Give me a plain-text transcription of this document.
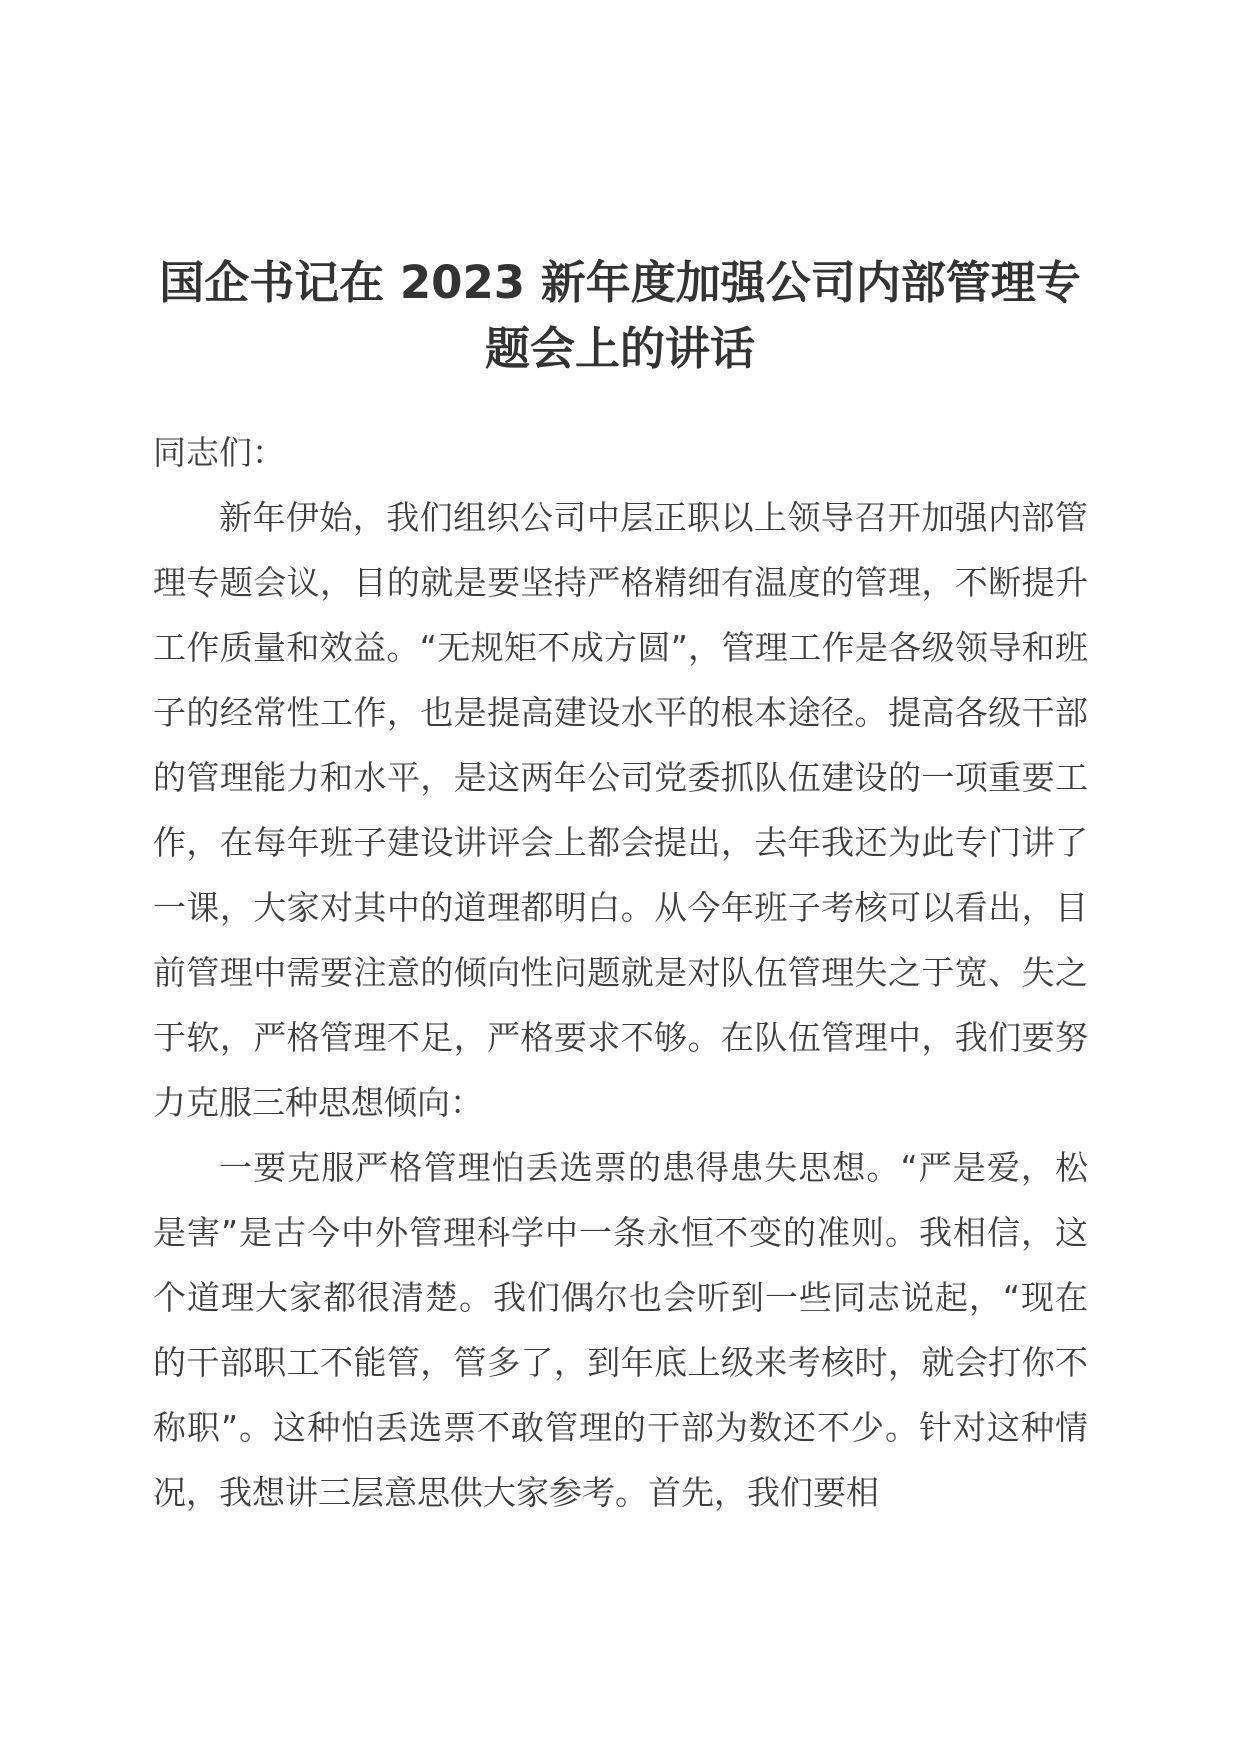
国企书记在 2023 新年度加强公司内部管理专题会上的讲话

同志们：

新年伊始，我们组织公司中层正职以上领导召开加强内部管理专题会议，目的就是要坚持严格精细有温度的管理，不断提升工作质量和效益。“无规矩不成方圆”，管理工作是各级领导和班子的经常性工作，也是提高建设水平的根本途径。提高各级干部的管理能力和水平，是这两年公司党委抓队伍建设的一项重要工作，在每年班子建设讲评会上都会提出，去年我还为此专门讲了一课，大家对其中的道理都明白。从今年班子考核可以看出，目前管理中需要注意的倾向性问题就是对队伍管理失之于宽、失之于软，严格管理不足，严格要求不够。在队伍管理中，我们要努力克服三种思想倾向：

一要克服严格管理怕丢选票的患得患失思想。“严是爱，松是害”是古今中外管理科学中一条永恒不变的准则。我相信，这个道理大家都很清楚。我们偶尔也会听到一些同志说起，“现在的干部职工不能管，管多了，到年底上级来考核时，就会打你不称职”。这种怕丢选票不敢管理的干部为数还不少。针对这种情况，我想讲三层意思供大家参考。首先，我们要相
